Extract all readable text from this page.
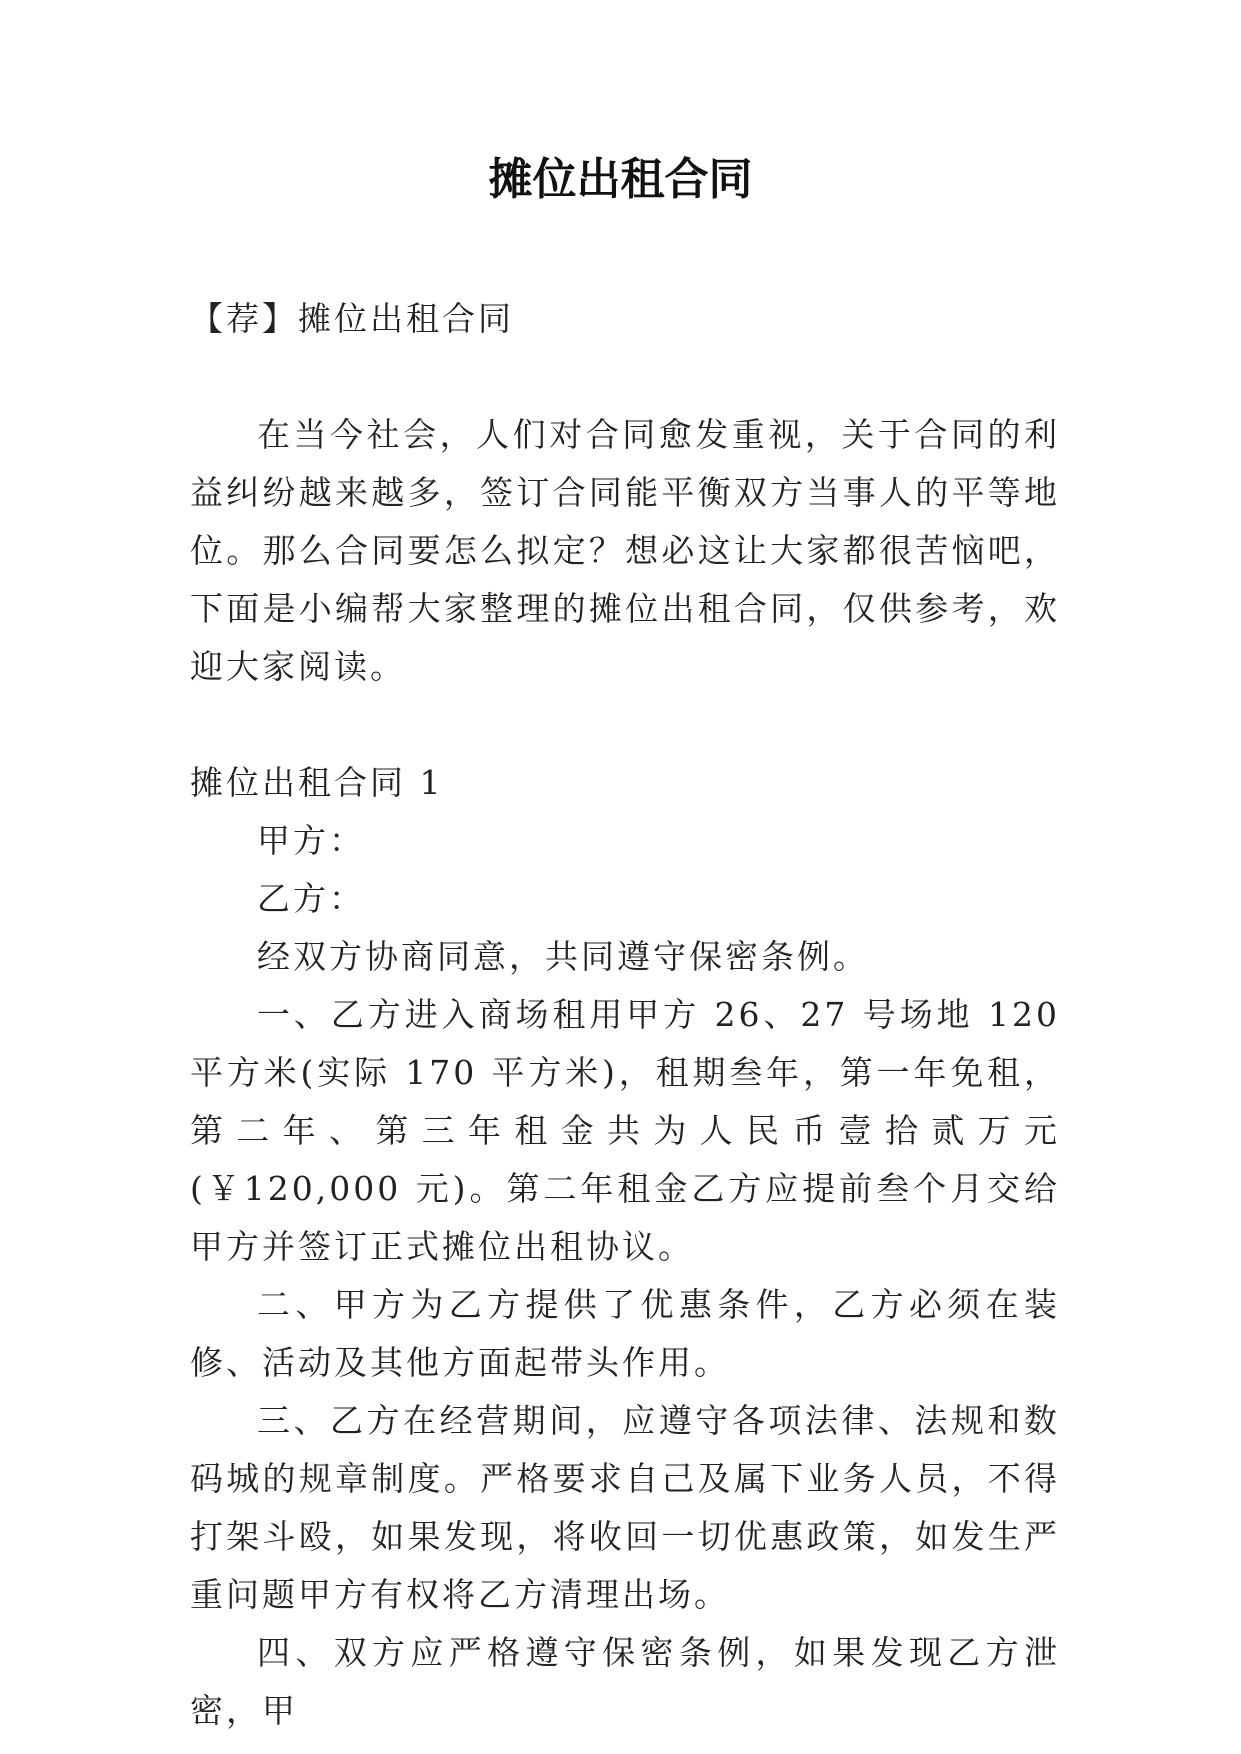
摊位出租合同

【荐】摊位出租合同

在当今社会，人们对合同愈发重视，关于合同的利益纠纷越来越多，签订合同能平衡双方当事人的平等地位。那么合同要怎么拟定？想必这让大家都很苦恼吧，下面是小编帮大家整理的摊位出租合同，仅供参考，欢迎大家阅读。

摊位出租合同 1

甲方：

乙方：

经双方协商同意，共同遵守保密条例。

一、乙方进入商场租用甲方 26、27 号场地 120 平方米(实际 170 平方米)，租期叁年，第一年免租，第二年、第三年租金共为人民币壹拾贰万元(￥120,000 元)。第二年租金乙方应提前叁个月交给甲方并签订正式摊位出租协议。

二、甲方为乙方提供了优惠条件，乙方必须在装修、活动及其他方面起带头作用。

三、乙方在经营期间，应遵守各项法律、法规和数码城的规章制度。严格要求自己及属下业务人员，不得打架斗殴，如果发现，将收回一切优惠政策，如发生严重问题甲方有权将乙方清理出场。

四、双方应严格遵守保密条例，如果发现乙方泄密，甲
